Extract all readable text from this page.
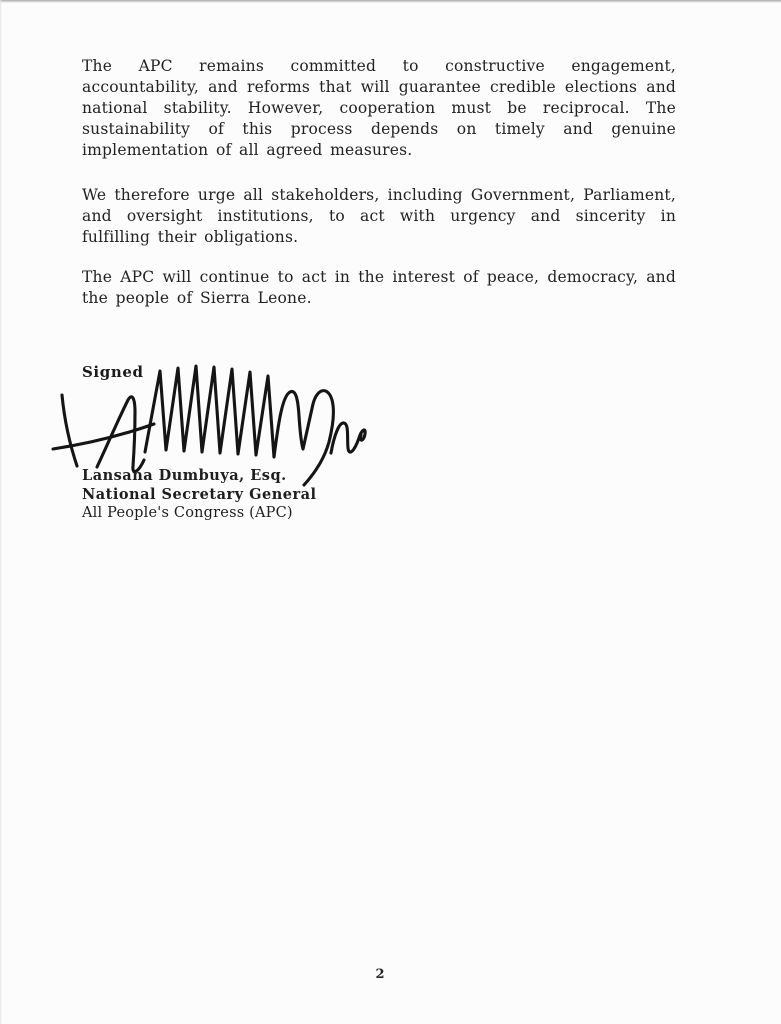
The APC remains committed to constructive engagement, accountability, and reforms that will guarantee credible elections and national stability. However, cooperation must be reciprocal. The sustainability of this process depends on timely and genuine implementation of all agreed measures.

We therefore urge all stakeholders, including Government, Parliament, and oversight institutions, to act with urgency and sincerity in fulfilling their obligations.

The APC will continue to act in the interest of peace, democracy, and the people of Sierra Leone.

Signed
Lansana Dumbuya, Esq.
National Secretary General
All People's Congress (APC)
2
